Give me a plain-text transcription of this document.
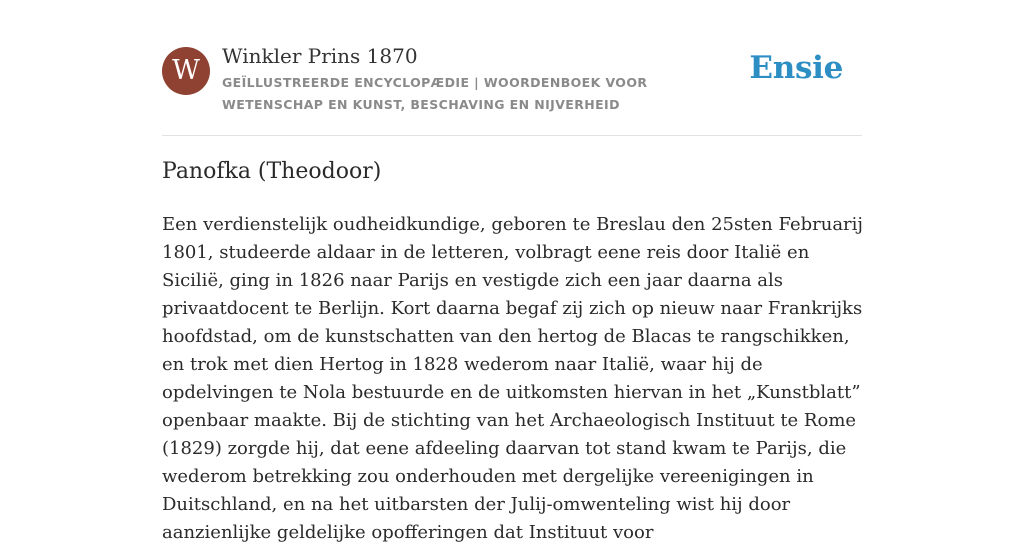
W	Winkler Prins 1870
GEÏLLUSTREERDE ENCYCLOPÆDIE | WOORDENBOEK VOOR WETENSCHAP EN KUNST, BESCHAVING EN NIJVERHEID
Ensie
Panofka (Theodoor)

Een verdienstelijk oudheidkundige, geboren te Breslau den 25sten Februarij 1801, studeerde aldaar in de letteren, volbragt eene reis door Italië en Sicilië, ging in 1826 naar Parijs en vestigde zich een jaar daarna als privaatdocent te Berlijn. Kort daarna begaf zij zich op nieuw naar Frankrijks hoofdstad, om de kunstschatten van den hertog de Blacas te rangschikken, en trok met dien Hertog in 1828 wederom naar Italië, waar hij de opdelvingen te Nola bestuurde en de uitkomsten hiervan in het „Kunstblatt” openbaar maakte. Bij de stichting van het Archaeologisch Instituut te Rome (1829) zorgde hij, dat eene afdeeling daarvan tot stand kwam te Parijs, die wederom betrekking zou onderhouden met dergelijke vereenigingen in Duitschland, en na het uitbarsten der Julij-omwenteling wist hij door aanzienlijke geldelijke opofferingen dat Instituut voor
